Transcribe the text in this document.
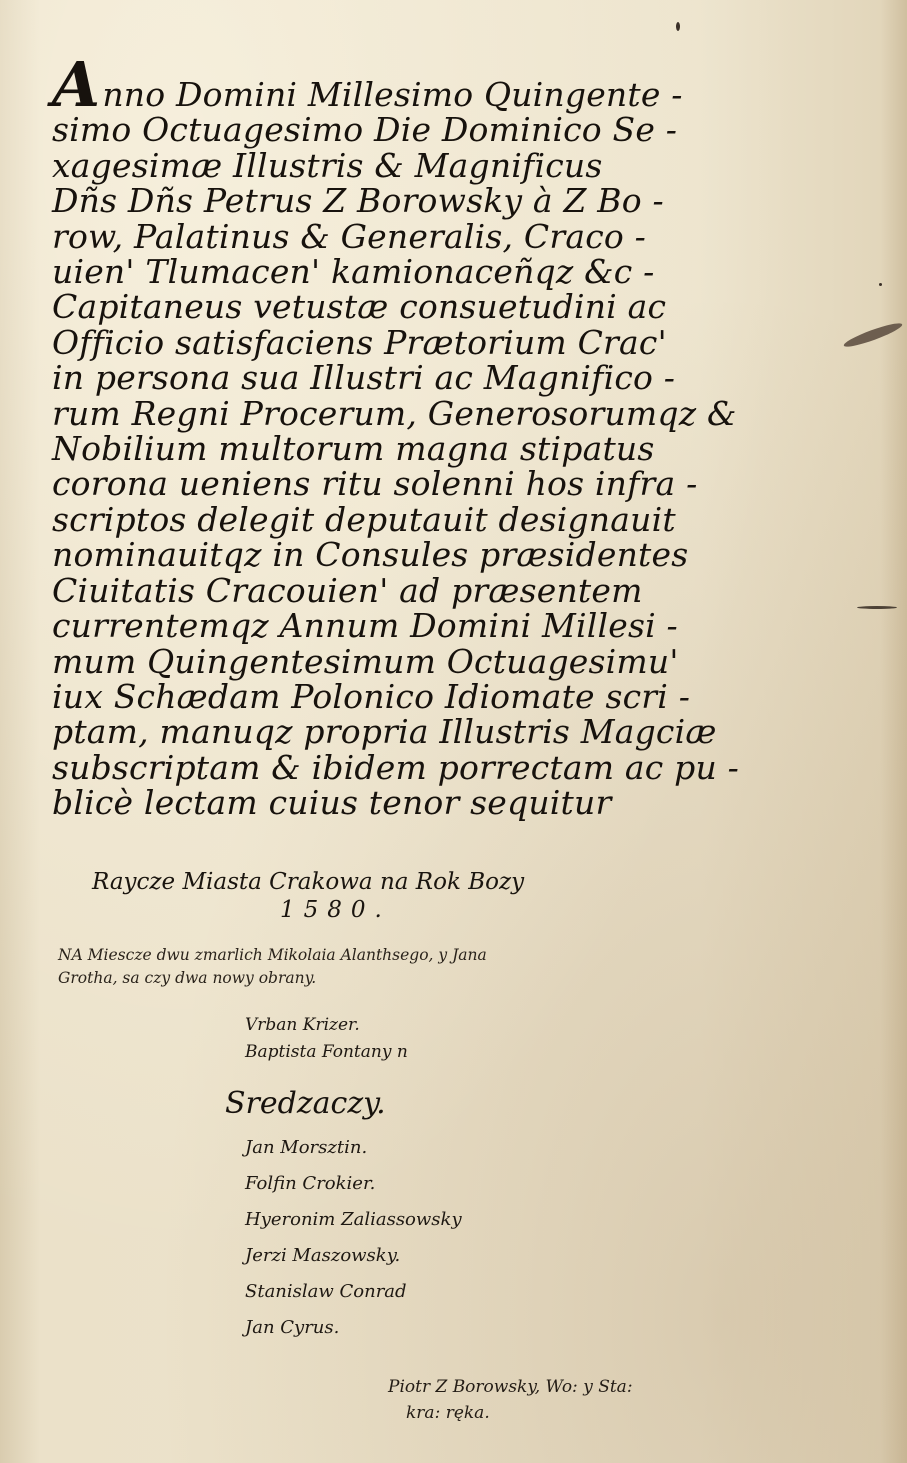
Anno Domini Millesimo Quingente -
simo Octuagesimo Die Dominico Se -
xagesimæ Illustris & Magnificus
Dñs Dñs Petrus Z Borowsky à Z Bo -
row, Palatinus & Generalis, Craco -
uien' Tlumacen' kamionaceñqz &c -
Capitaneus vetustæ consuetudini ac
Officio satisfaciens Prætorium Crac'
in persona sua Illustri ac Magnifico -
rum Regni Procerum, Generosorumqz &
Nobilium multorum magna stipatus
corona ueniens ritu solenni hos infra -
scriptos delegit deputauit designauit
nominauitqz in Consules præsidentes
Ciuitatis Cracouien' ad præsentem
currentemqz Annum Domini Millesi -
mum Quingentesimum Octuagesimu'
iux Schædam Polonico Idiomate scri -
ptam, manuqz propria Illustris Magciæ
subscriptam & ibidem porrectam ac pu -
blicè lectam cuius tenor sequitur
Raycze Miasta Crakowa na Rok Bozy
1580.
NA Miescze dwu zmarlich Mikolaia Alanthsego, y Jana
Grotha, sa czy dwa nowy obrany.
Vrban Krizer.
Baptista Fontany n
Sredzaczy.
Jan Morsztin.
Folfin Crokier.
Hyeronim Zaliassowsky
Jerzi Maszowsky.
Stanislaw Conrad
Jan Cyrus.
Piotr Z Borowsky, Wo: y Sta:
kra: ręka.
